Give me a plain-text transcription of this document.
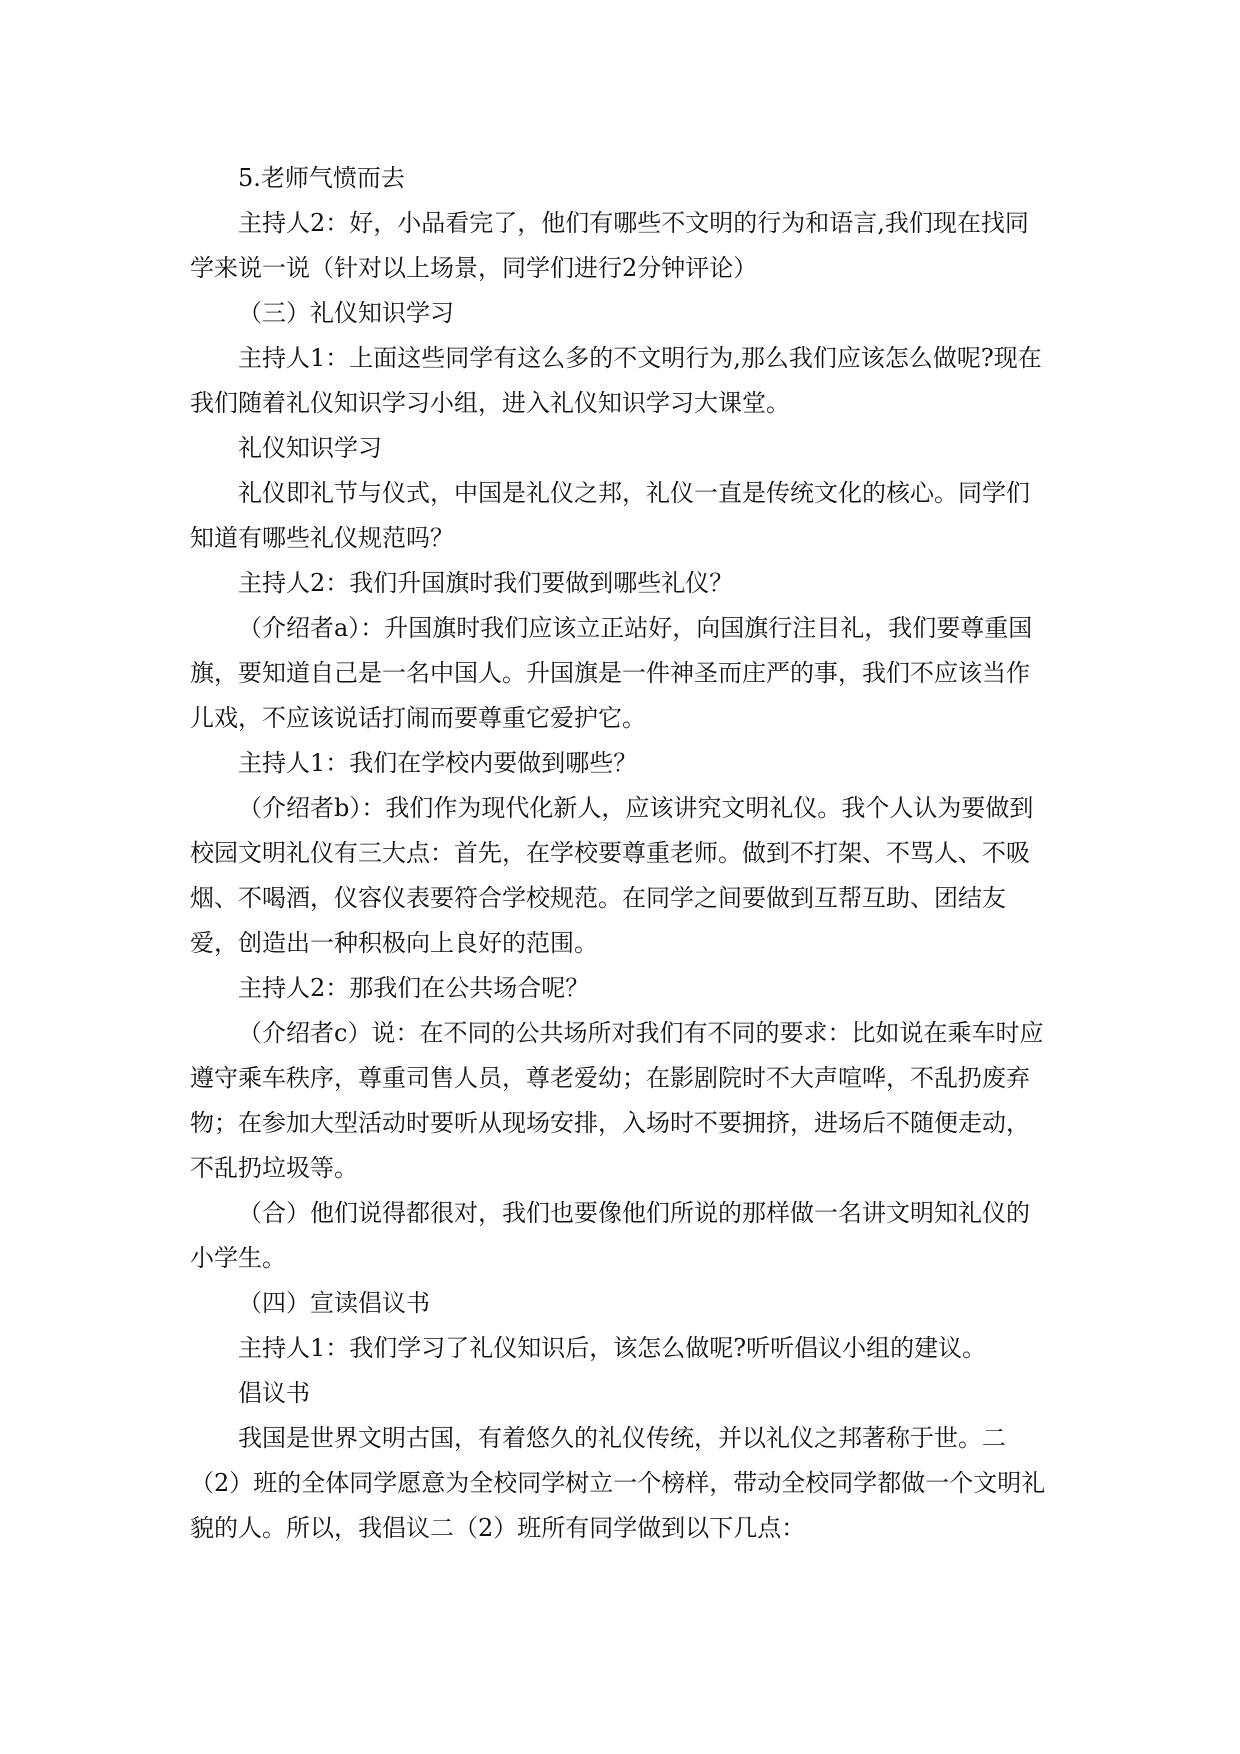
5.老师气愤而去

主持人2：好，小品看完了，他们有哪些不文明的行为和语言,我们现在找同学来说一说（针对以上场景，同学们进行2分钟评论）

（三）礼仪知识学习

主持人1：上面这些同学有这么多的不文明行为,那么我们应该怎么做呢?现在我们随着礼仪知识学习小组，进入礼仪知识学习大课堂。

礼仪知识学习

礼仪即礼节与仪式，中国是礼仪之邦，礼仪一直是传统文化的核心。同学们知道有哪些礼仪规范吗？

主持人2：我们升国旗时我们要做到哪些礼仪？

（介绍者a）：升国旗时我们应该立正站好，向国旗行注目礼，我们要尊重国旗，要知道自己是一名中国人。升国旗是一件神圣而庄严的事，我们不应该当作儿戏，不应该说话打闹而要尊重它爱护它。

主持人1：我们在学校内要做到哪些？

（介绍者b）：我们作为现代化新人，应该讲究文明礼仪。我个人认为要做到校园文明礼仪有三大点：首先，在学校要尊重老师。做到不打架、不骂人、不吸烟、不喝酒，仪容仪表要符合学校规范。在同学之间要做到互帮互助、团结友爱，创造出一种积极向上良好的范围。

主持人2：那我们在公共场合呢？

（介绍者c）说：在不同的公共场所对我们有不同的要求：比如说在乘车时应遵守乘车秩序，尊重司售人员，尊老爱幼；在影剧院时不大声喧哗，不乱扔废弃物；在参加大型活动时要听从现场安排，入场时不要拥挤，进场后不随便走动，不乱扔垃圾等。

（合）他们说得都很对，我们也要像他们所说的那样做一名讲文明知礼仪的小学生。

（四）宣读倡议书

主持人1：我们学习了礼仪知识后，该怎么做呢?听听倡议小组的建议。

倡议书

我国是世界文明古国，有着悠久的礼仪传统，并以礼仪之邦著称于世。二（2）班的全体同学愿意为全校同学树立一个榜样，带动全校同学都做一个文明礼貌的人。所以，我倡议二（2）班所有同学做到以下几点：
